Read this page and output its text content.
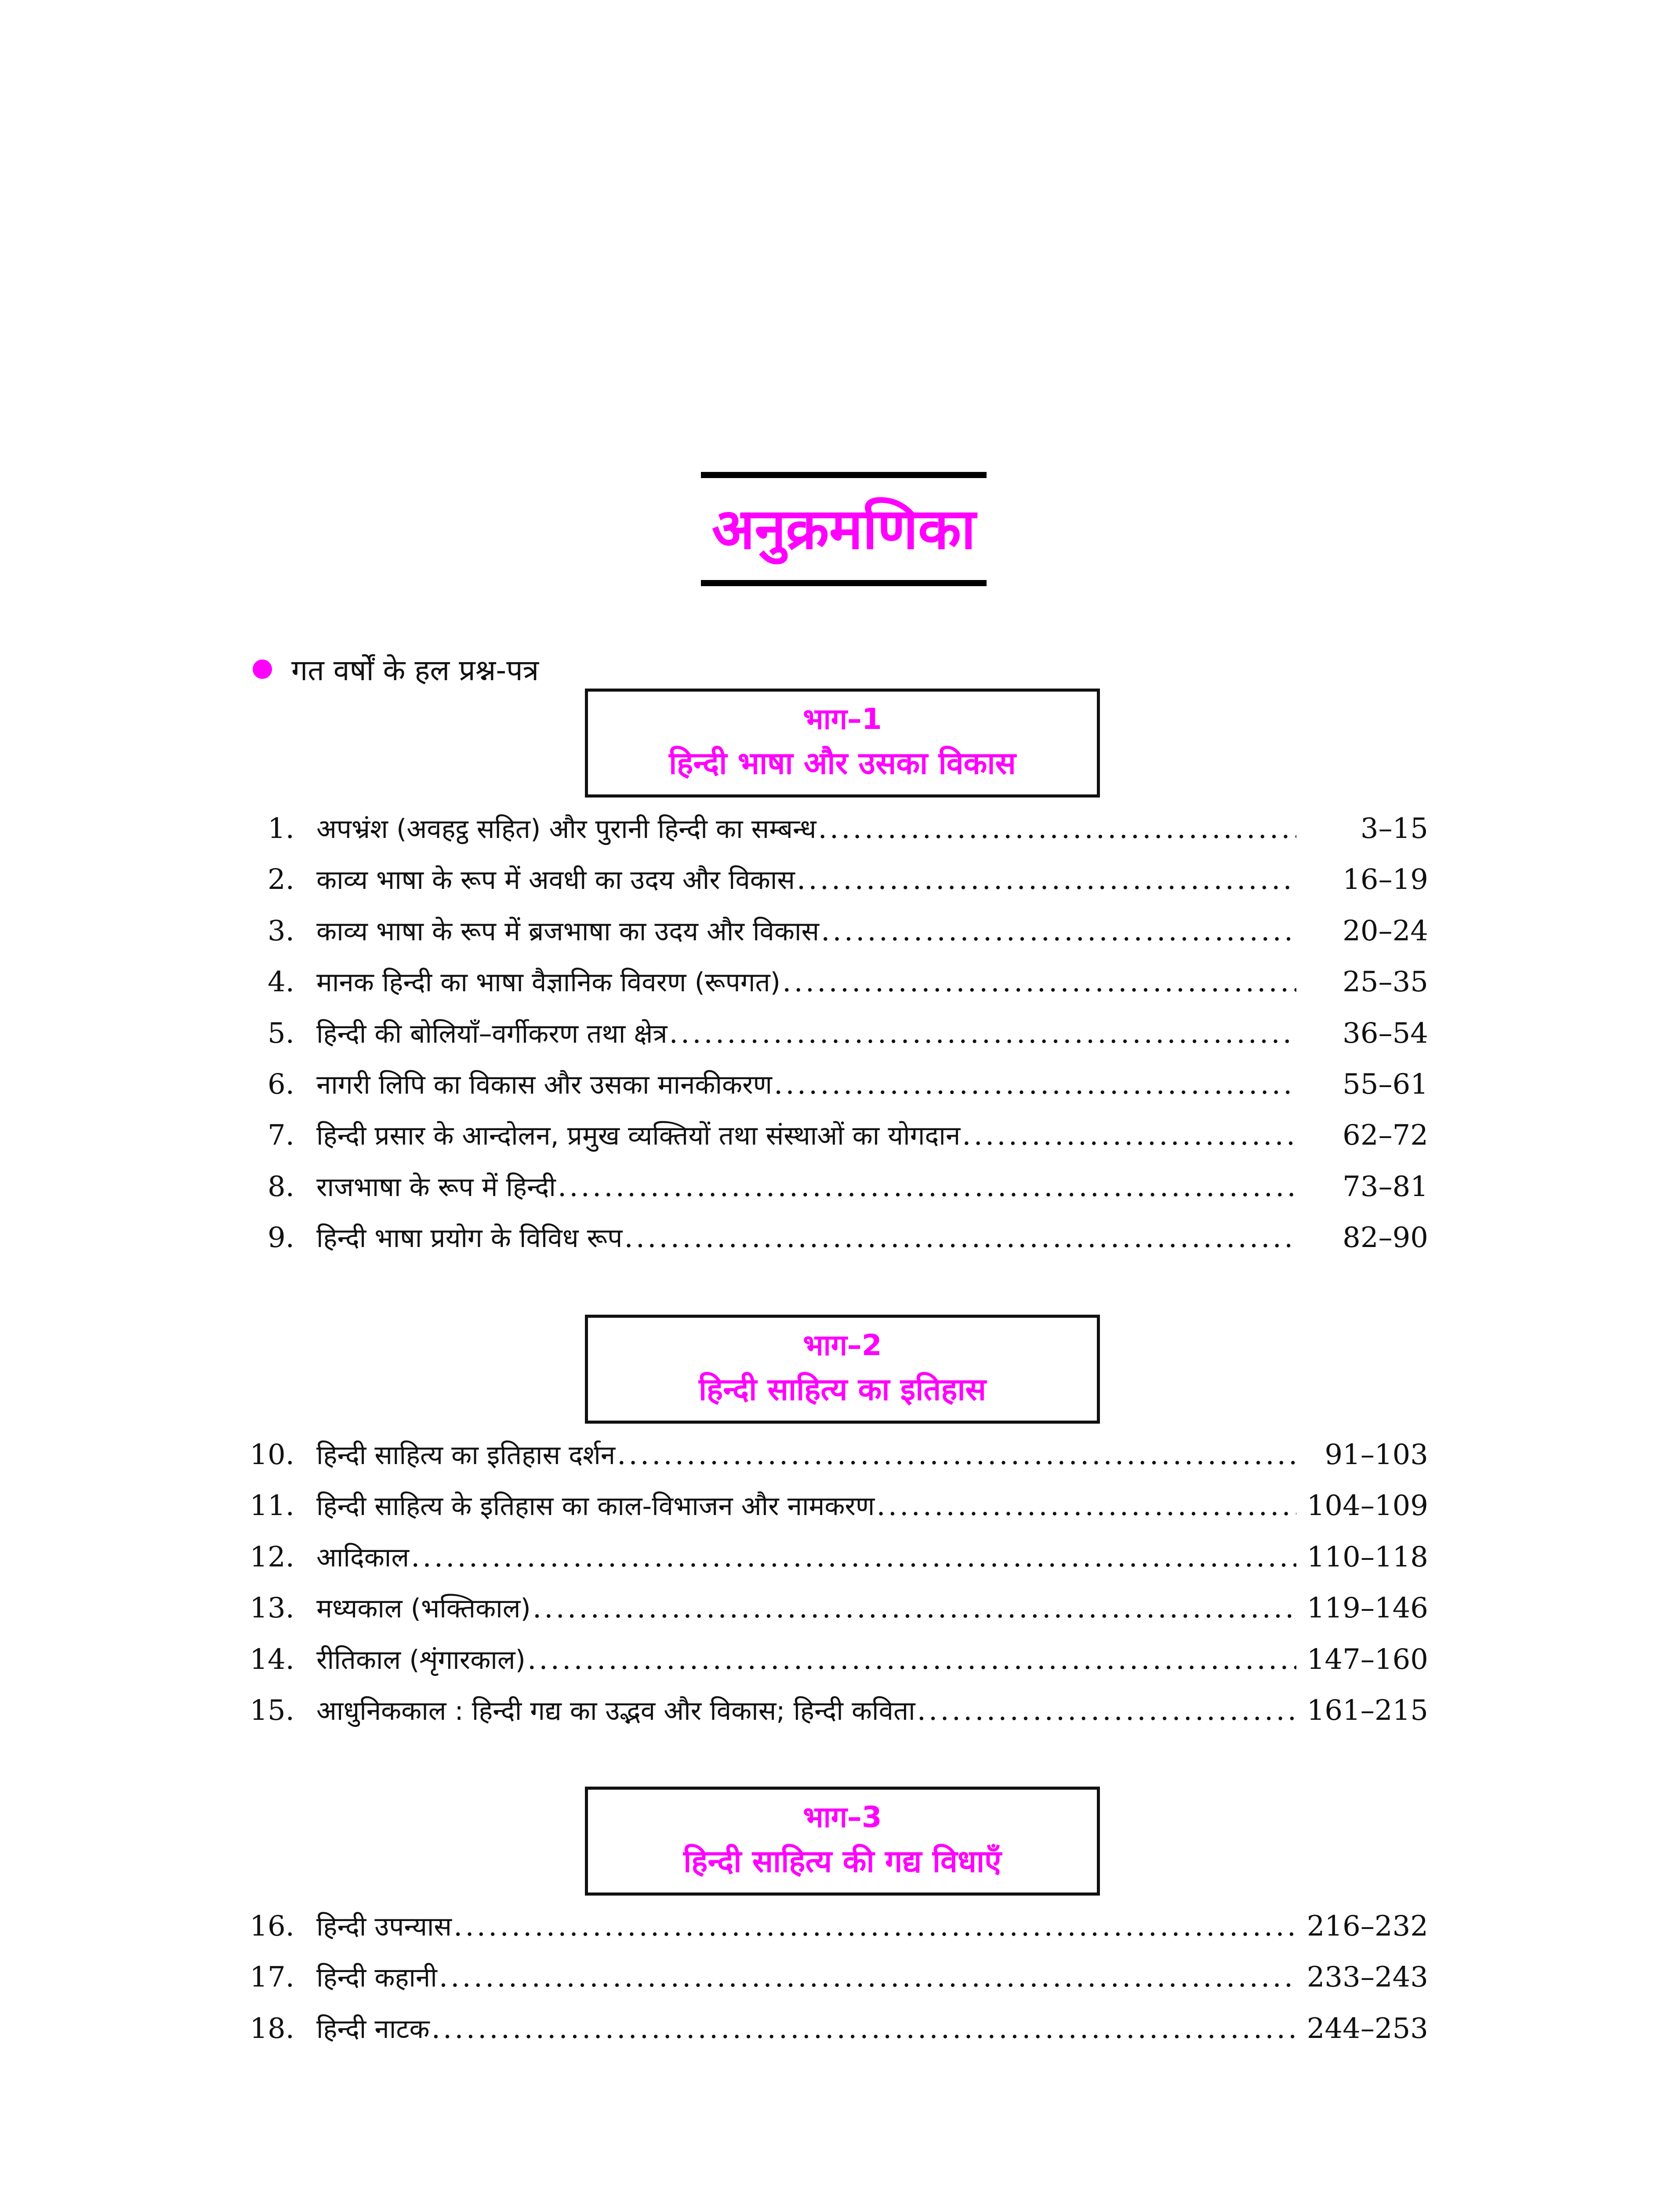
अनुक्रमणिका
गत वर्षों के हल प्रश्न-पत्र
भाग–1
हिन्दी भाषा और उसका विकास
1. अपभ्रंश (अवहट्ठ सहित) और पुरानी हिन्दी का सम्बन्ध .....	3–15
2. काव्य भाषा के रूप में अवधी का उदय और विकास .....	16–19
3. काव्य भाषा के रूप में ब्रजभाषा का उदय और विकास .....	20–24
4. मानक हिन्दी का भाषा वैज्ञानिक विवरण (रूपगत) .....	25–35
5. हिन्दी की बोलियाँ–वर्गीकरण तथा क्षेत्र .....	36–54
6. नागरी लिपि का विकास और उसका मानकीकरण .....	55–61
7. हिन्दी प्रसार के आन्दोलन, प्रमुख व्यक्तियों तथा संस्थाओं का योगदान .....	62–72
8. राजभाषा के रूप में हिन्दी .....	73–81
9. हिन्दी भाषा प्रयोग के विविध रूप .....	82–90
भाग–2
हिन्दी साहित्य का इतिहास
10. हिन्दी साहित्य का इतिहास दर्शन .....	91–103
11. हिन्दी साहित्य के इतिहास का काल-विभाजन और नामकरण .....	104–109
12. आदिकाल .....	110–118
13. मध्यकाल (भक्तिकाल) .....	119–146
14. रीतिकाल (शृंगारकाल) .....	147–160
15. आधुनिककाल : हिन्दी गद्य का उद्भव और विकास; हिन्दी कविता .....	161–215
भाग–3
हिन्दी साहित्य की गद्य विधाएँ
16. हिन्दी उपन्यास .....	216–232
17. हिन्दी कहानी .....	233–243
18. हिन्दी नाटक .....	244–253
